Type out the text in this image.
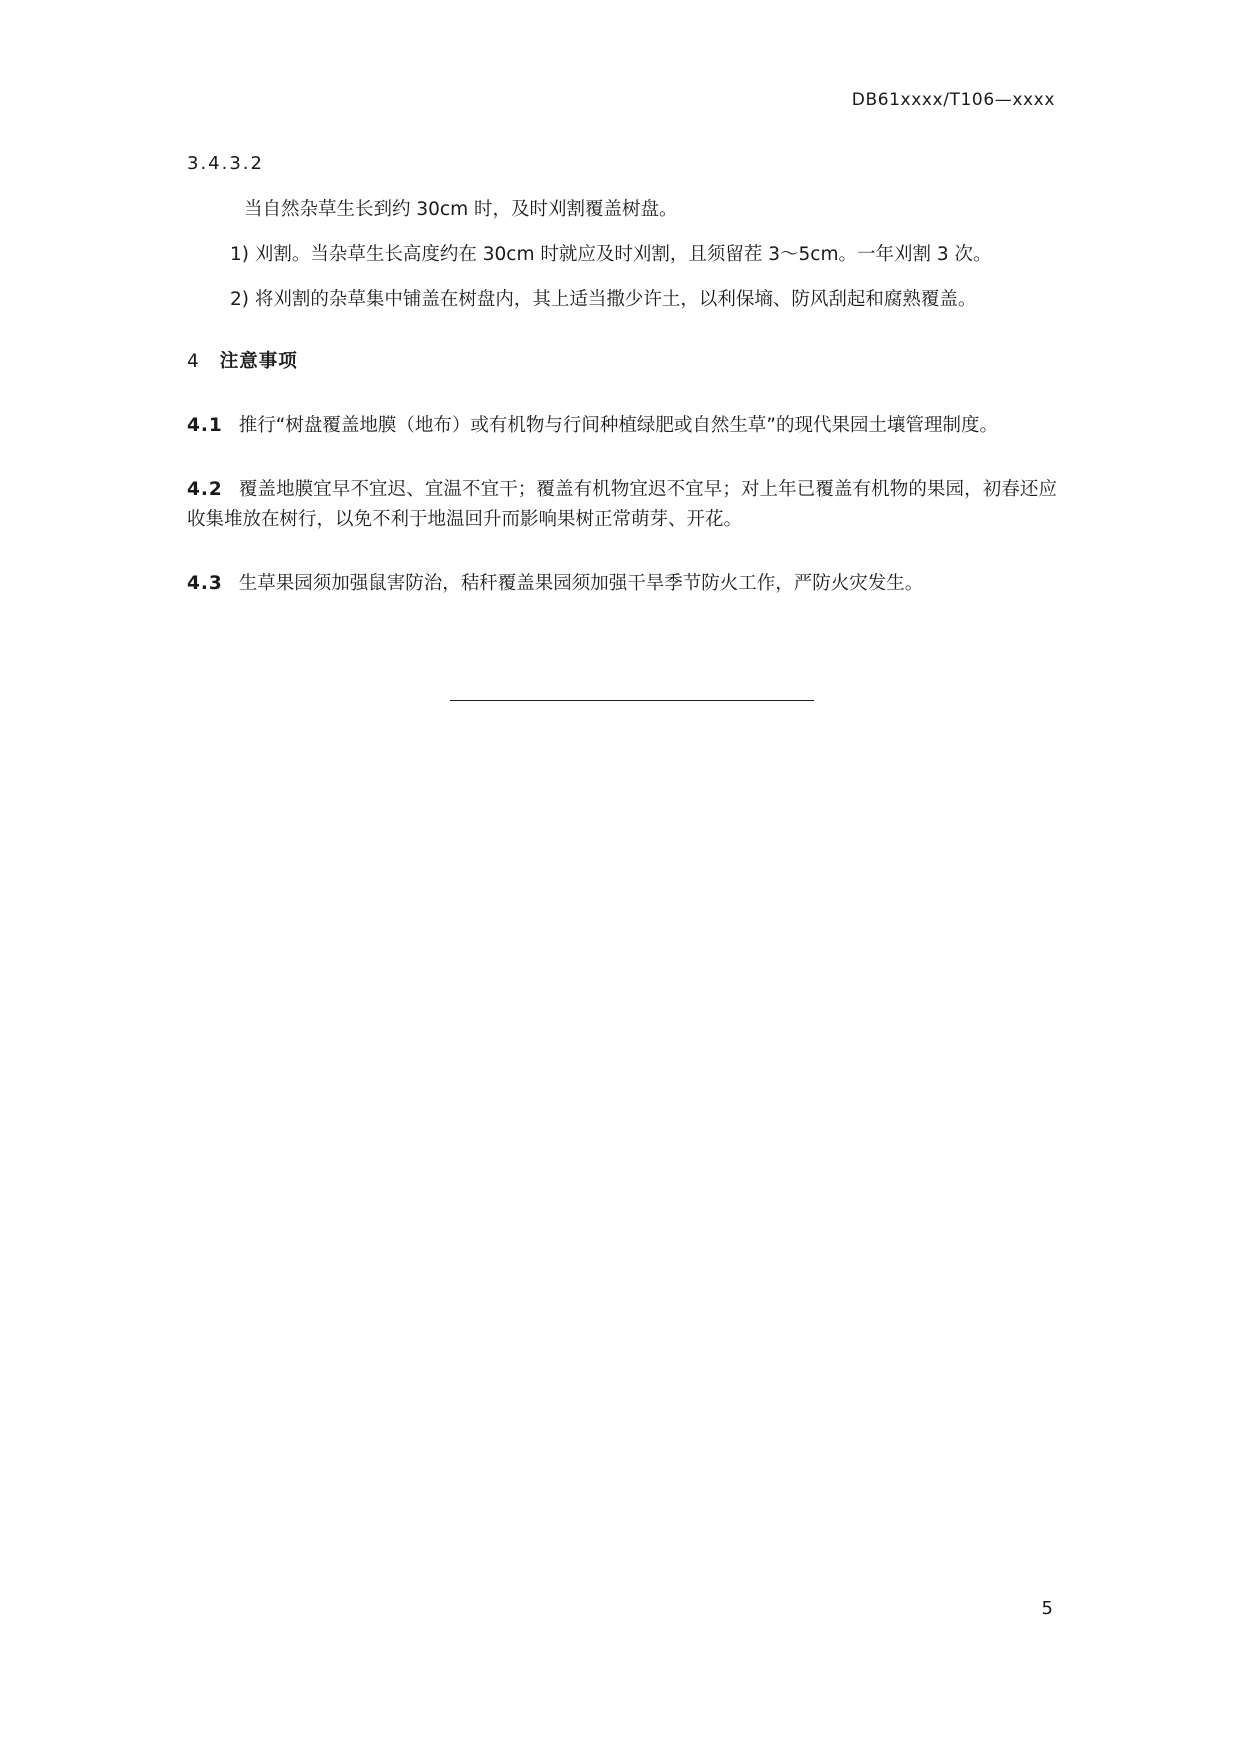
DB61xxxx/T106—xxxx
3.4.3.2

当自然杂草生长到约 30cm 时，及时刈割覆盖树盘。

1) 刈割。当杂草生长高度约在 30cm 时就应及时刈割，且须留茬 3～5cm。一年刈割 3 次。

2) 将刈割的杂草集中铺盖在树盘内，其上适当撒少许土，以利保墒、防风刮起和腐熟覆盖。

4 注意事项

4.1 推行“树盘覆盖地膜（地布）或有机物与行间种植绿肥或自然生草”的现代果园土壤管理制度。

4.2 覆盖地膜宜早不宜迟、宜温不宜干；覆盖有机物宜迟不宜早；对上年已覆盖有机物的果园，初春还应收集堆放在树行，以免不利于地温回升而影响果树正常萌芽、开花。

4.3 生草果园须加强鼠害防治，秸秆覆盖果园须加强干旱季节防火工作，严防火灾发生。

5
